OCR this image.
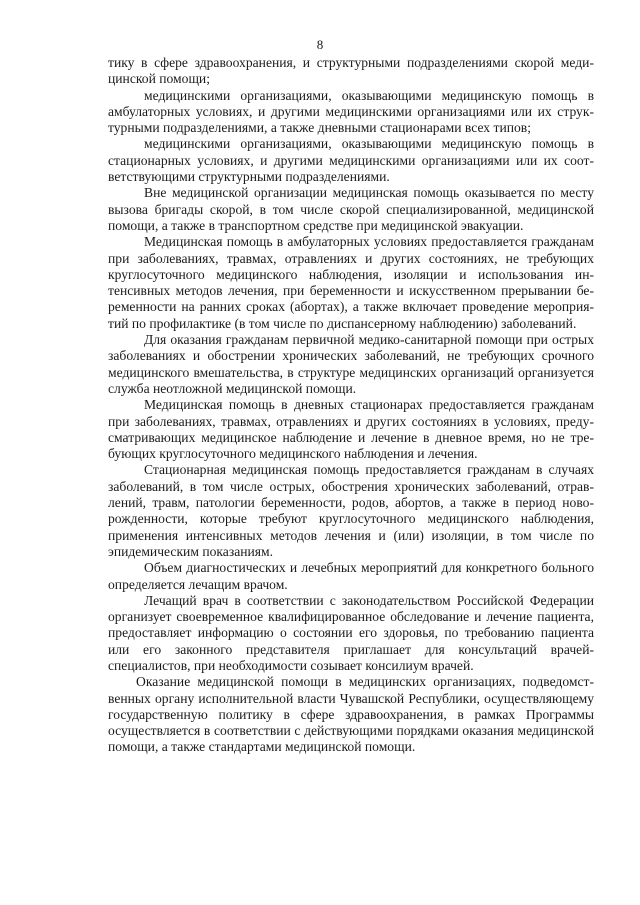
8

тику в сфере здравоохранения, и структурными подразделениями скорой медицинской помощи;

медицинскими организациями, оказывающими медицинскую помощь в амбулаторных условиях, и другими медицинскими организациями или их структурными подразделениями, а также дневными стационарами всех типов;

медицинскими организациями, оказывающими медицинскую помощь в стационарных условиях, и другими медицинскими организациями или их соответствующими структурными подразделениями.

Вне медицинской организации медицинская помощь оказывается по месту вызова бригады скорой, в том числе скорой специализированной, медицинской помощи, а также в транспортном средстве при медицинской эвакуации.

Медицинская помощь в амбулаторных условиях предоставляется гражданам при заболеваниях, травмах, отравлениях и других состояниях, не требующих круглосуточного медицинского наблюдения, изоляции и использования интенсивных методов лечения, при беременности и искусственном прерывании беременности на ранних сроках (абортах), а также включает проведение мероприятий по профилактике (в том числе по диспансерному наблюдению) заболеваний.

Для оказания гражданам первичной медико-санитарной помощи при острых заболеваниях и обострении хронических заболеваний, не требующих срочного медицинского вмешательства, в структуре медицинских организаций организуется служба неотложной медицинской помощи.

Медицинская помощь в дневных стационарах предоставляется гражданам при заболеваниях, травмах, отравлениях и других состояниях в условиях, предусматривающих медицинское наблюдение и лечение в дневное время, но не требующих круглосуточного медицинского наблюдения и лечения.

Стационарная медицинская помощь предоставляется гражданам в случаях заболеваний, в том числе острых, обострения хронических заболеваний, отравлений, травм, патологии беременности, родов, абортов, а также в период новорожденности, которые требуют круглосуточного медицинского наблюдения, применения интенсивных методов лечения и (или) изоляции, в том числе по эпидемическим показаниям.

Объем диагностических и лечебных мероприятий для конкретного больного определяется лечащим врачом.

Лечащий врач в соответствии с законодательством Российской Федерации организует своевременное квалифицированное обследование и лечение пациента, предоставляет информацию о состоянии его здоровья, по требованию пациента или его законного представителя приглашает для консультаций врачей-специалистов, при необходимости созывает консилиум врачей.

Оказание медицинской помощи в медицинских организациях, подведомственных органу исполнительной власти Чувашской Республики, осуществляющему государственную политику в сфере здравоохранения, в рамках Программы осуществляется в соответствии с действующими порядками оказания медицинской помощи, а также стандартами медицинской помощи.
